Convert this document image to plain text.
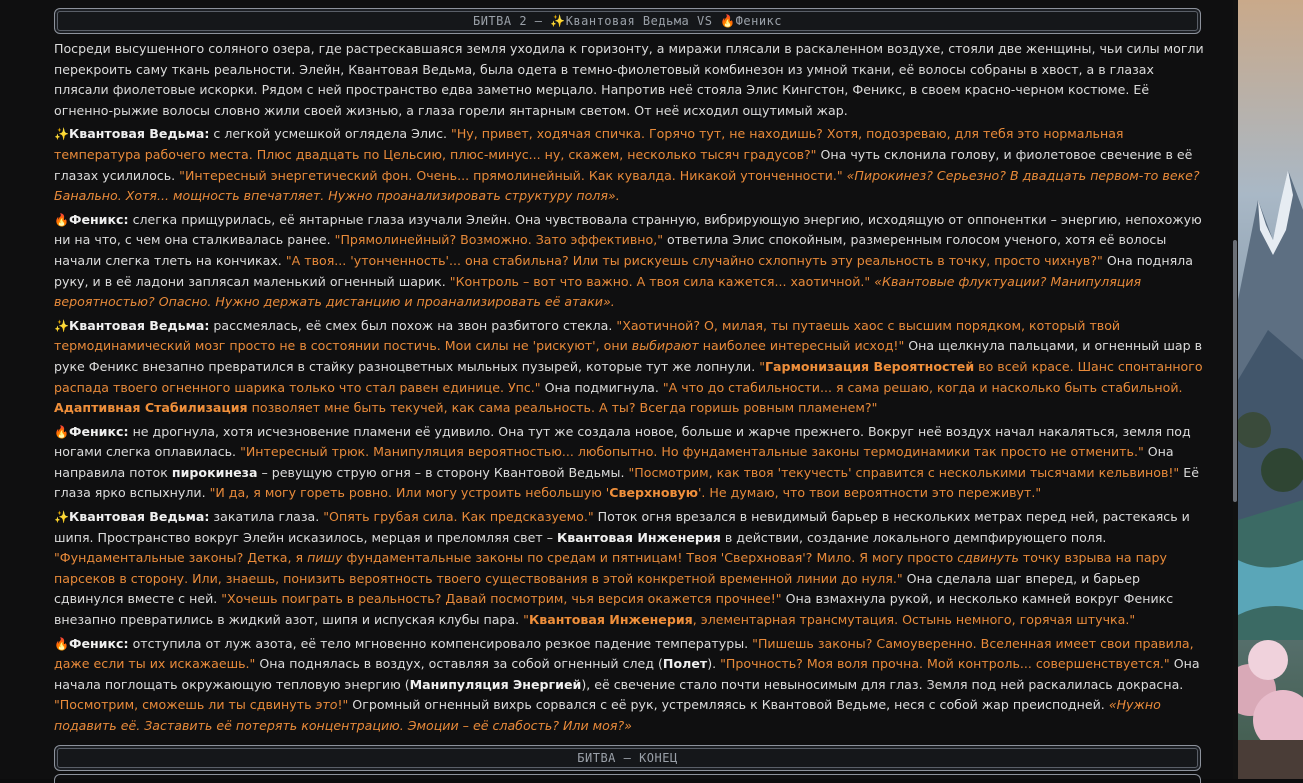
БИТВА 2 – ✨ Квантовая Ведьма VS 🔥 Феникс

Посреди высушенного соляного озера, где растрескавшаяся земля уходила к горизонту, а миражи плясали в раскаленном воздухе, стояли две женщины, чьи силы могли перекроить саму ткань реальности. Элейн, Квантовая Ведьма, была одета в темно-фиолетовый комбинезон из умной ткани, её волосы собраны в хвост, а в глазах плясали фиолетовые искорки. Рядом с ней пространство едва заметно мерцало. Напротив неё стояла Элис Кингстон, Феникс, в своем красно-черном костюме. Её огненно-рыжие волосы словно жили своей жизнью, а глаза горели янтарным светом. От неё исходил ощутимый жар.

✨Квантовая Ведьма: с легкой усмешкой оглядела Элис. "Ну, привет, ходячая спичка. Горячо тут, не находишь? Хотя, подозреваю, для тебя это нормальная температура рабочего места. Плюс двадцать по Цельсию, плюс-минус... ну, скажем, несколько тысяч градусов?" Она чуть склонила голову, и фиолетовое свечение в её глазах усилилось. "Интересный энергетический фон. Очень... прямолинейный. Как кувалда. Никакой утонченности." «Пирокинез? Серьезно? В двадцать первом-то веке? Банально. Хотя... мощность впечатляет. Нужно проанализировать структуру поля».

🔥Феникс: слегка прищурилась, её янтарные глаза изучали Элейн. Она чувствовала странную, вибрирующую энергию, исходящую от оппонентки – энергию, непохожую ни на что, с чем она сталкивалась ранее. "Прямолинейный? Возможно. Зато эффективно," ответила Элис спокойным, размеренным голосом ученого, хотя её волосы начали слегка тлеть на кончиках. "А твоя... 'утонченность'... она стабильна? Или ты рискуешь случайно схлопнуть эту реальность в точку, просто чихнув?" Она подняла руку, и в её ладони заплясал маленький огненный шарик. "Контроль – вот что важно. А твоя сила кажется... хаотичной." «Квантовые флуктуации? Манипуляция вероятностью? Опасно. Нужно держать дистанцию и проанализировать её атаки».

✨Квантовая Ведьма: рассмеялась, её смех был похож на звон разбитого стекла. "Хаотичной? О, милая, ты путаешь хаос с высшим порядком, который твой термодинамический мозг просто не в состоянии постичь. Мои силы не 'рискуют', они выбирают наиболее интересный исход!" Она щелкнула пальцами, и огненный шар в руке Феникс внезапно превратился в стайку разноцветных мыльных пузырей, которые тут же лопнули. "Гармонизация Вероятностей во всей красе. Шанс спонтанного распада твоего огненного шарика только что стал равен единице. Упс." Она подмигнула. "А что до стабильности... я сама решаю, когда и насколько быть стабильной. Адаптивная Стабилизация позволяет мне быть текучей, как сама реальность. А ты? Всегда горишь ровным пламенем?"

🔥Феникс: не дрогнула, хотя исчезновение пламени её удивило. Она тут же создала новое, больше и жарче прежнего. Вокруг неё воздух начал накаляться, земля под ногами слегка оплавилась. "Интересный трюк. Манипуляция вероятностью... любопытно. Но фундаментальные законы термодинамики так просто не отменить." Она направила поток пирокинеза – ревущую струю огня – в сторону Квантовой Ведьмы. "Посмотрим, как твоя 'текучесть' справится с несколькими тысячами кельвинов!" Её глаза ярко вспыхнули. "И да, я могу гореть ровно. Или могу устроить небольшую 'Сверхновую'. Не думаю, что твои вероятности это переживут."

✨Квантовая Ведьма: закатила глаза. "Опять грубая сила. Как предсказуемо." Поток огня врезался в невидимый барьер в нескольких метрах перед ней, растекаясь и шипя. Пространство вокруг Элейн исказилось, мерцая и преломляя свет – Квантовая Инженерия в действии, создание локального демпфирующего поля. "Фундаментальные законы? Детка, я пишу фундаментальные законы по средам и пятницам! Твоя 'Сверхновая'? Мило. Я могу просто сдвинуть точку взрыва на пару парсеков в сторону. Или, знаешь, понизить вероятность твоего существования в этой конкретной временной линии до нуля." Она сделала шаг вперед, и барьер сдвинулся вместе с ней. "Хочешь поиграть в реальность? Давай посмотрим, чья версия окажется прочнее!" Она взмахнула рукой, и несколько камней вокруг Феникс внезапно превратились в жидкий азот, шипя и испуская клубы пара. "Квантовая Инженерия, элементарная трансмутация. Остынь немного, горячая штучка."

🔥Феникс: отступила от луж азота, её тело мгновенно компенсировало резкое падение температуры. "Пишешь законы? Самоуверенно. Вселенная имеет свои правила, даже если ты их искажаешь." Она поднялась в воздух, оставляя за собой огненный след (Полет). "Прочность? Моя воля прочна. Мой контроль... совершенствуется." Она начала поглощать окружающую тепловую энергию (Манипуляция Энергией), её свечение стало почти невыносимым для глаз. Земля под ней раскалилась докрасна. "Посмотрим, сможешь ли ты сдвинуть это!" Огромный огненный вихрь сорвался с её рук, устремляясь к Квантовой Ведьме, неся с собой жар преисподней. «Нужно подавить её. Заставить её потерять концентрацию. Эмоции – её слабость? Или моя?»

БИТВА – КОНЕЦ
